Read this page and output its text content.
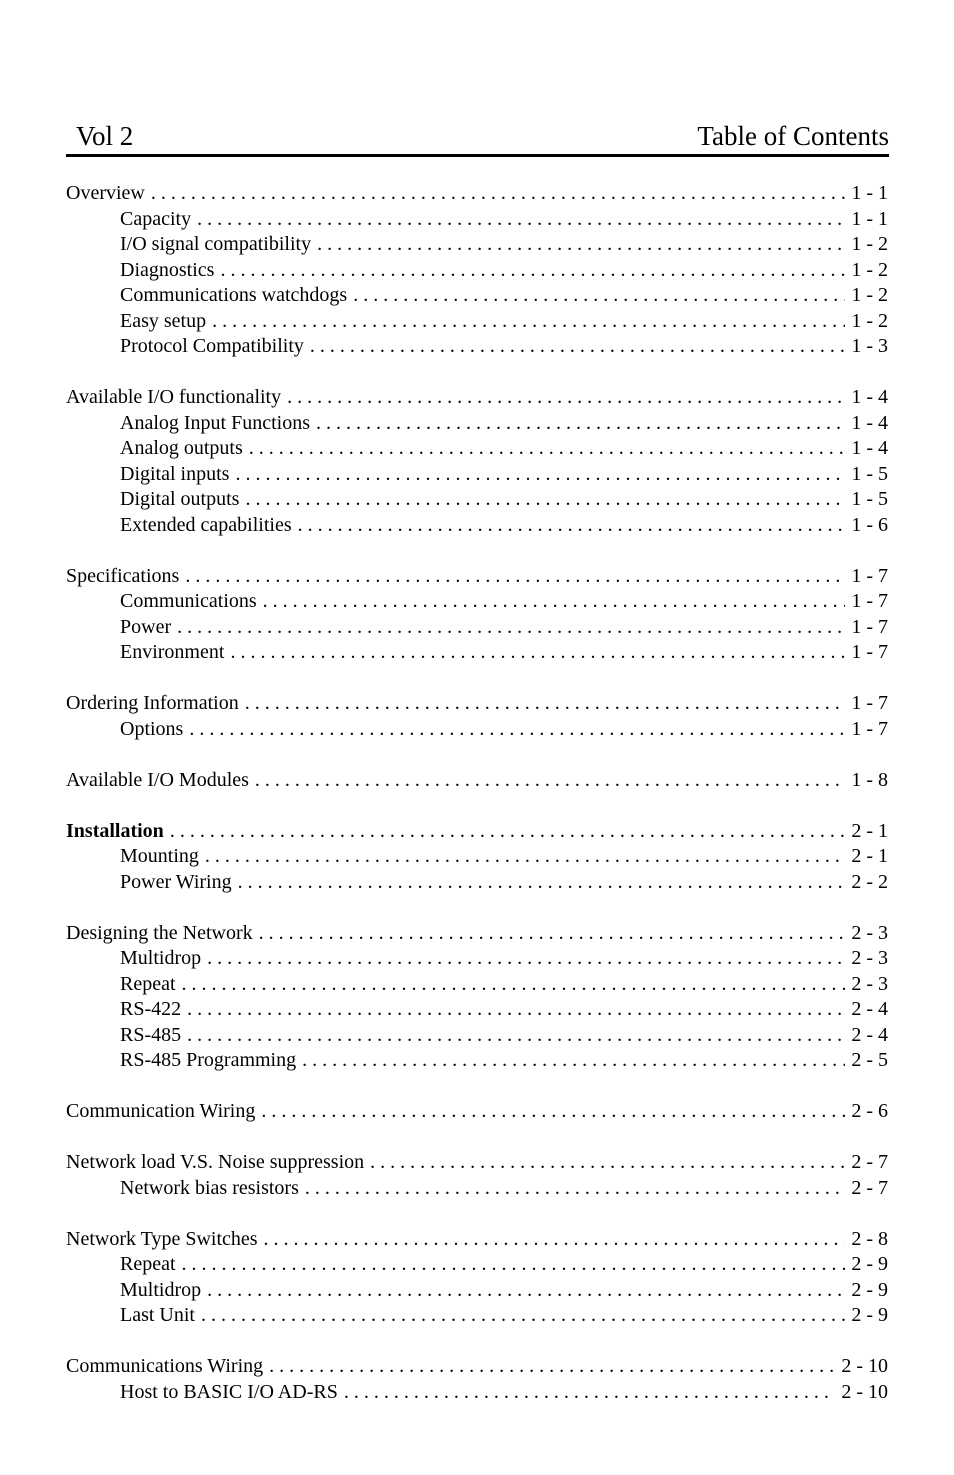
Vol 2	Table of Contents
Overview . . .	1 - 1
Capacity . . .	1 - 1
I/O signal compatibility . . .	1 - 2
Diagnostics . . .	1 - 2
Communications watchdogs . . .	1 - 2
Easy setup . . .	1 - 2
Protocol Compatibility . . .	1 - 3
Available I/O functionality . . .	1 - 4
Analog Input Functions . . .	1 - 4
Analog outputs . . .	1 - 4
Digital inputs . . .	1 - 5
Digital outputs . . .	1 - 5
Extended capabilities . . .	1 - 6
Specifications . . .	1 - 7
Communications . . .	1 - 7
Power . . .	1 - 7
Environment . . .	1 - 7
Ordering Information . . .	1 - 7
Options . . .	1 - 7
Available I/O Modules . . .	1 - 8
Installation . . .	2 - 1
Mounting . . .	2 - 1
Power Wiring . . .	2 - 2
Designing the Network . . .	2 - 3
Multidrop . . .	2 - 3
Repeat . . .	2 - 3
RS-422 . . .	2 - 4
RS-485 . . .	2 - 4
RS-485 Programming . . .	2 - 5
Communication Wiring . . .	2 - 6
Network load V.S. Noise suppression . . .	2 - 7
Network bias resistors . . .	2 - 7
Network Type Switches . . .	2 - 8
Repeat . . .	2 - 9
Multidrop . . .	2 - 9
Last Unit . . .	2 - 9
Communications Wiring . . .	2 - 10
Host to BASIC I/O AD-RS . . .	2 - 10
